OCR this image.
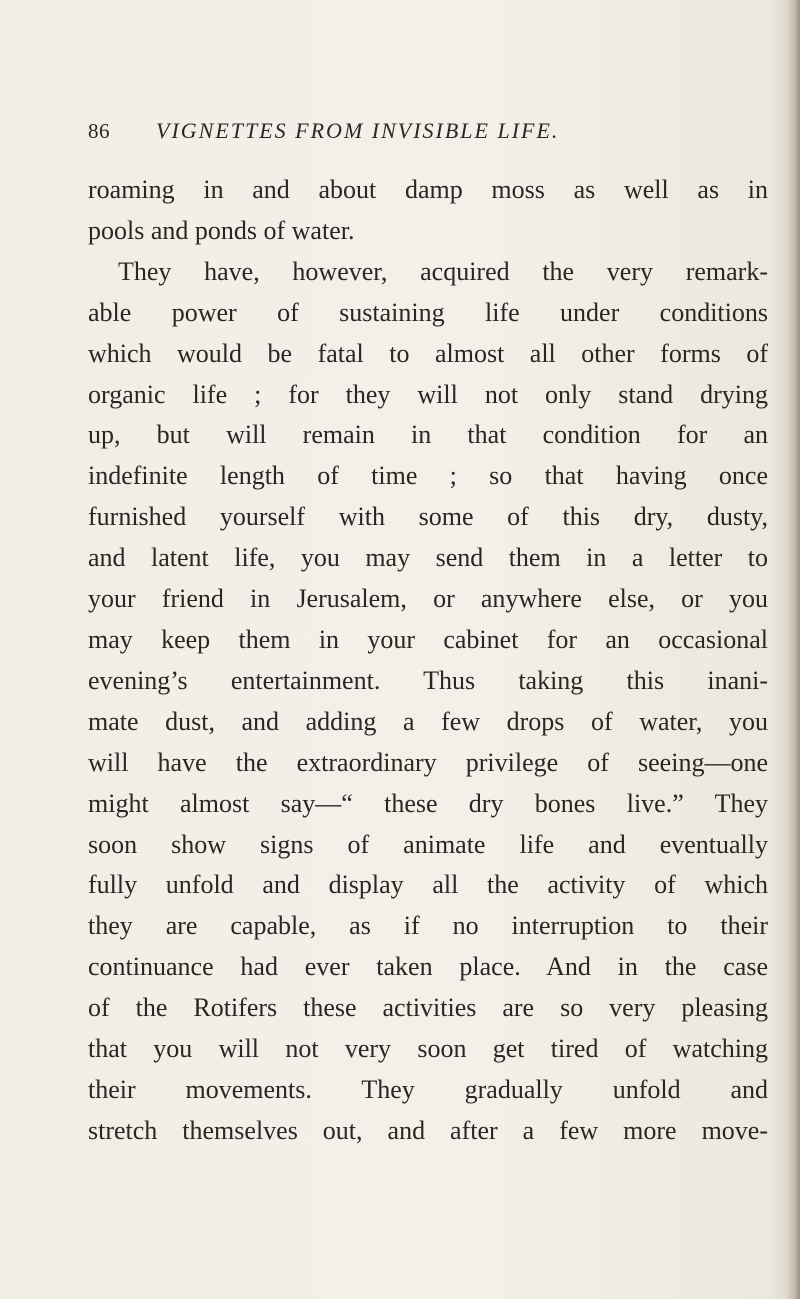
86	VIGNETTES FROM INVISIBLE LIFE.
roaming in and about damp moss as well as in
pools and ponds of water.
They have, however, acquired the very remark-
able power of sustaining life under conditions
which would be fatal to almost all other forms of
organic life ; for they will not only stand drying
up, but will remain in that condition for an
indefinite length of time ; so that having once
furnished yourself with some of this dry, dusty,
and latent life, you may send them in a letter to
your friend in Jerusalem, or anywhere else, or you
may keep them in your cabinet for an occasional
evening’s entertainment. Thus taking this inani-
mate dust, and adding a few drops of water, you
will have the extraordinary privilege of seeing—one
might almost say—“ these dry bones live.” They
soon show signs of animate life and eventually
fully unfold and display all the activity of which
they are capable, as if no interruption to their
continuance had ever taken place. And in the case
of the Rotifers these activities are so very pleasing
that you will not very soon get tired of watching
their movements. They gradually unfold and
stretch themselves out, and after a few more move-
